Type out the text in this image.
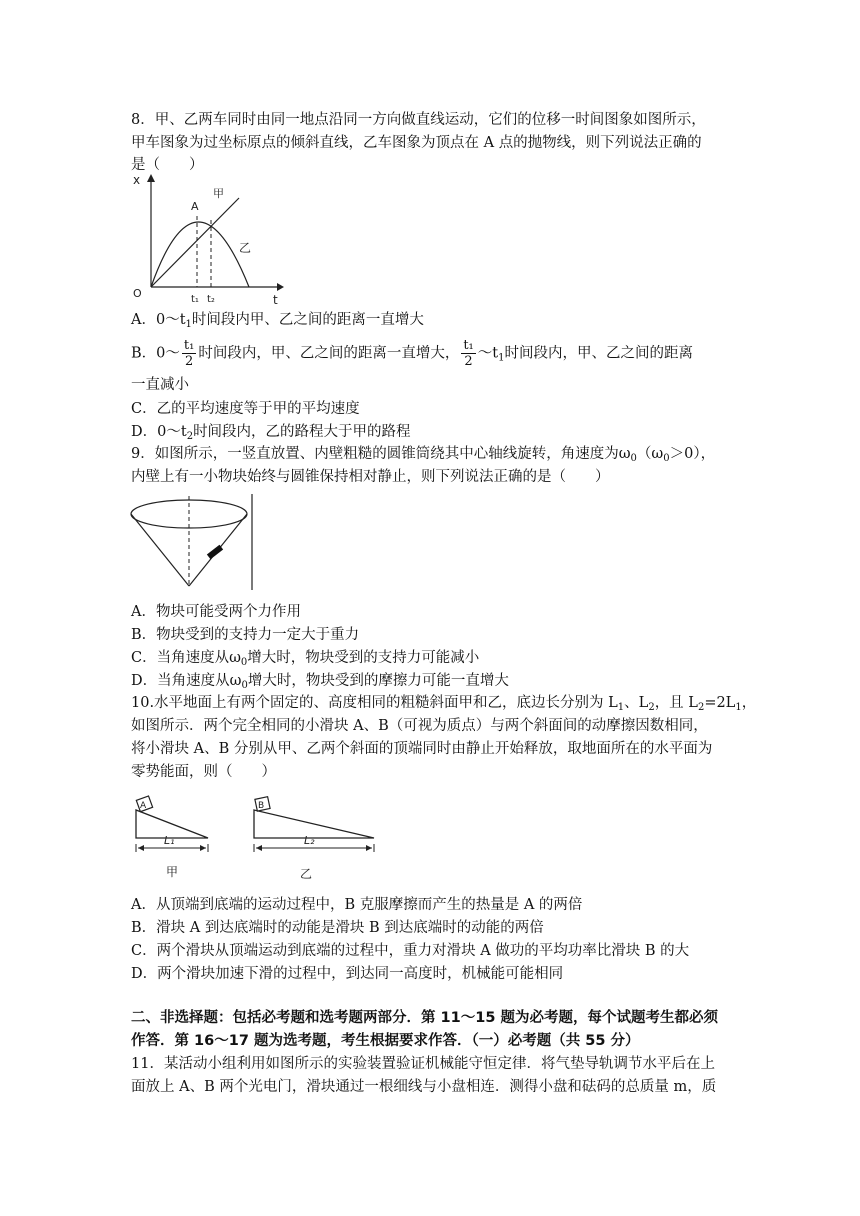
8．甲、乙两车同时由同一地点沿同一方向做直线运动，它们的位移一时间图象如图所示，
甲车图象为过坐标原点的倾斜直线，乙车图象为顶点在 A 点的抛物线，则下列说法正确的
是（　　）
x
O	t
A
甲
乙
t₁ t₂
A．$0\sim t_1$时间段内甲、乙之间的距离一直增大
B．0～ $\frac{\text{t₁}}{2}$ 时间段内，甲、乙之间的距离一直增大， $\frac{\text{t₁}}{2}$ $\sim t_1$时间段内，甲、乙之间的距离
一直减小
C．乙的平均速度等于甲的平均速度
D．$0\sim t_2$时间段内，乙的路程大于甲的路程
9．如图所示，一竖直放置、内壁粗糙的圆锥筒绕其中心轴线旋转，角速度为$\omega_0(\omega_0>0)$，
内壁上有一小物块始终与圆锥保持相对静止，则下列说法正确的是（　　）
A．物块可能受两个力作用
B．物块受到的支持力一定大于重力
C．当角速度从$\omega_0$增大时，物块受到的支持力可能减小
D．当角速度从$\omega_0$增大时，物块受到的摩擦力可能一直增大
10.水平地面上有两个固定的、高度相同的粗糙斜面甲和乙，底边长分别为 $L_1$、$L_2$，且 $L_2=2L_1$，
如图所示．两个完全相同的小滑块 A、B（可视为质点）与两个斜面间的动摩擦因数相同，
将小滑块 A、B 分别从甲、乙两个斜面的顶端同时由静止开始释放，取地面所在的水平面为
零势能面，则（　　）
A
L₁
甲
B
L₂
乙
A．从顶端到底端的运动过程中，B 克服摩擦而产生的热量是 A 的两倍
B．滑块 A 到达底端时的动能是滑块 B 到达底端时的动能的两倍
C．两个滑块从顶端运动到底端的过程中，重力对滑块 A 做功的平均功率比滑块 B 的大
D．两个滑块加速下滑的过程中，到达同一高度时，机械能可能相同
二、非选择题：包括必考题和选考题两部分．第 11～15 题为必考题，每个试题考生都必须
作答．第 16～17 题为选考题，考生根据要求作答．（一）必考题（共 55 分）
11．某活动小组利用如图所示的实验装置验证机械能守恒定律．将气垫导轨调节水平后在上
面放上 A、B 两个光电门，滑块通过一根细线与小盘相连．测得小盘和砝码的总质量 m，质
